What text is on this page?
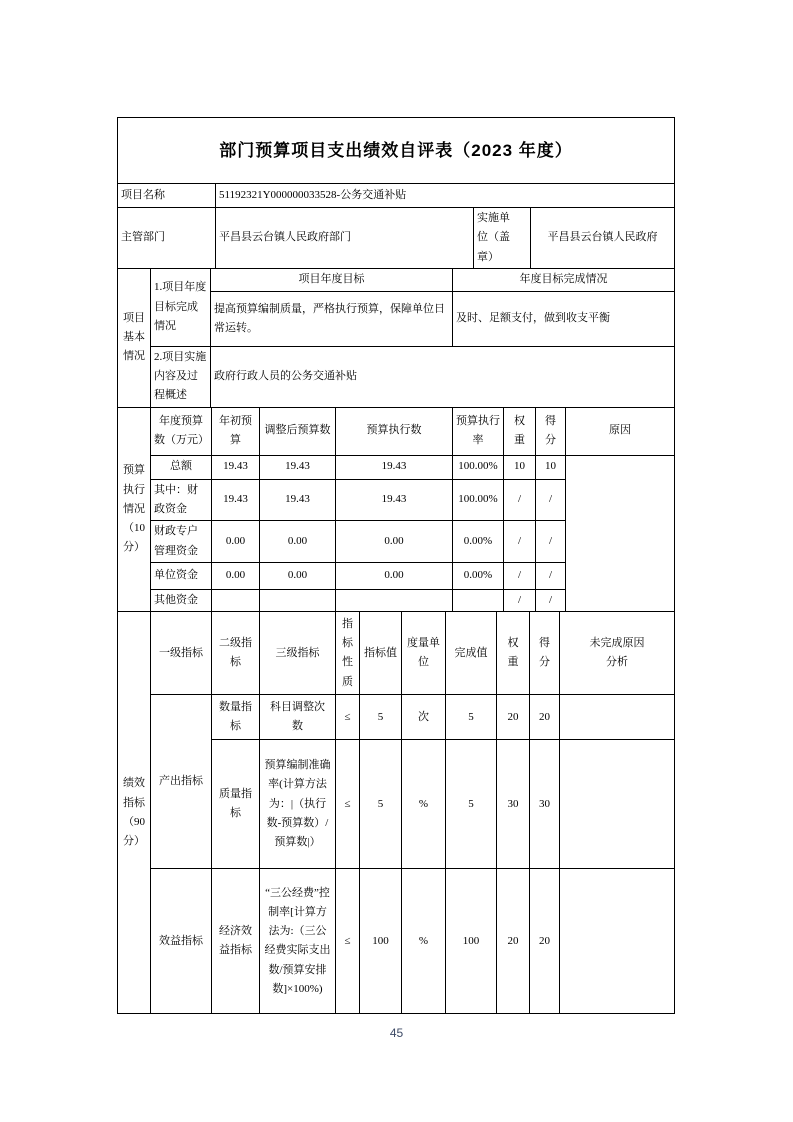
部门预算项目支出绩效自评表（2023 年度）			
项目名称	51192321Y000000033528-公务交通补贴		
主管部门	平昌县云台镇人民政府部门	实施单位（盖章）	平昌县云台镇人民政府
项目基本情况	1.项目年度目标完成情况	项目年度目标	年度目标完成情况
		提高预算编制质量，严格执行预算，保障单位日常运转。	及时、足额支付，做到收支平衡
	2.项目实施内容及过程概述	政府行政人员的公务交通补贴	
预算执行情况（10分）	年度预算数（万元）	年初预算	调整后预算数	预算执行数	预算执行率	权重	得分	原因
	总额	19.43	19.43	19.43	100.00%	10	10	
	其中：财政资金	19.43	19.43	19.43	100.00%	/	/	
	财政专户管理资金	0.00	0.00	0.00	0.00%	/	/	
	单位资金	0.00	0.00	0.00	0.00%	/	/	
	其他资金					/	/	
绩效指标（90分）	一级指标	二级指标	三级指标	指标性质	指标值	度量单位	完成值	权重	得分	未完成原因分析
	产出指标	数量指标	科目调整次数	≤	5	次	5	20	20	
		质量指标	预算编制准确率(计算方法为：|（执行数-预算数）/预算数|）	≤	5	%	5	30	30	
	效益指标	经济效益指标	“三公经费”控制率[计算方法为:（三公经费实际支出数/预算安排数]×100%)	≤	100	%	100	20	20	
45
